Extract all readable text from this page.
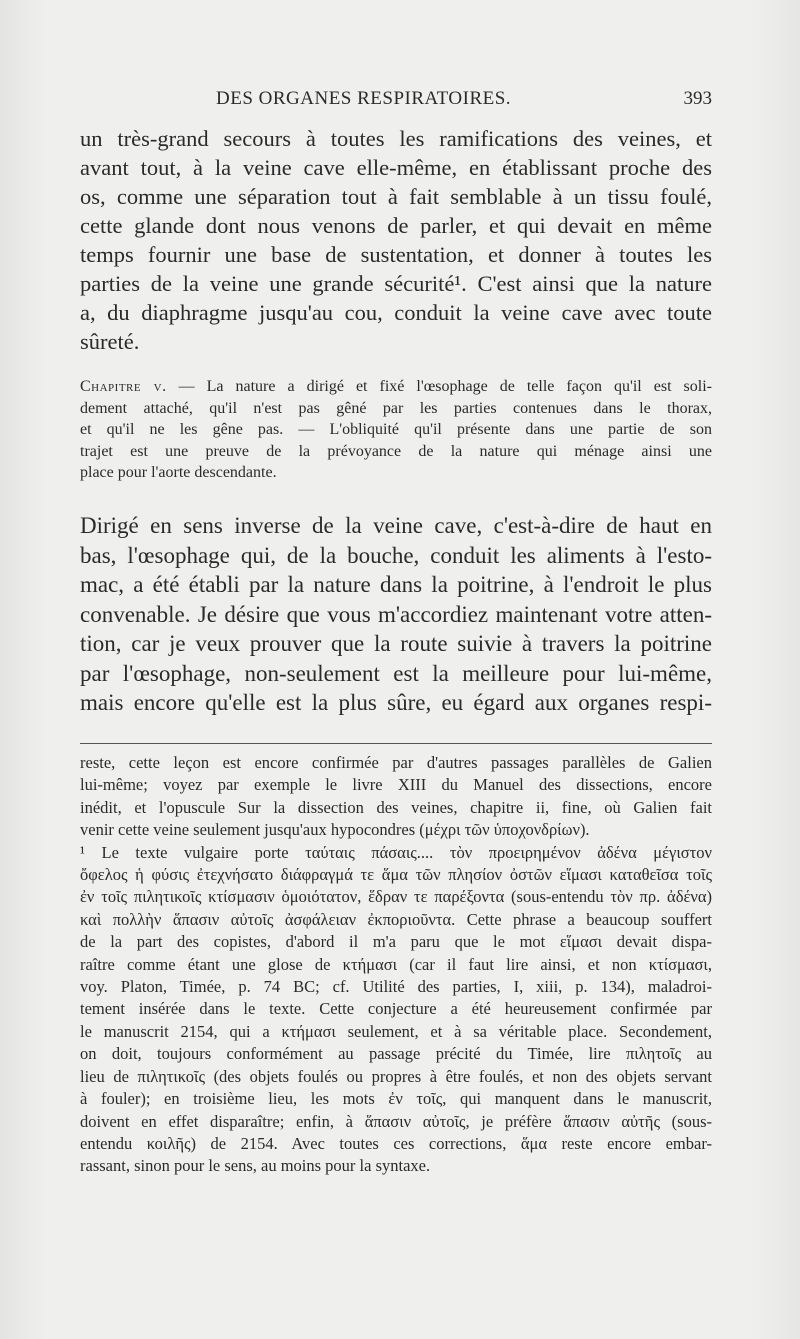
DES ORGANES RESPIRATOIRES.	393
un très-grand secours à toutes les ramifications des veines, et
avant tout, à la veine cave elle-même, en établissant proche des
os, comme une séparation tout à fait semblable à un tissu foulé,
cette glande dont nous venons de parler, et qui devait en même
temps fournir une base de sustentation, et donner à toutes les
parties de la veine une grande sécurité¹. C'est ainsi que la nature
a, du diaphragme jusqu'au cou, conduit la veine cave avec toute
sûreté.
Chapitre v. — La nature a dirigé et fixé l'œsophage de telle façon qu'il est soli-
dement attaché, qu'il n'est pas gêné par les parties contenues dans le thorax,
et qu'il ne les gêne pas. — L'obliquité qu'il présente dans une partie de son
trajet est une preuve de la prévoyance de la nature qui ménage ainsi une
place pour l'aorte descendante.
Dirigé en sens inverse de la veine cave, c'est-à-dire de haut en
bas, l'œsophage qui, de la bouche, conduit les aliments à l'esto-
mac, a été établi par la nature dans la poitrine, à l'endroit le plus
convenable. Je désire que vous m'accordiez maintenant votre atten-
tion, car je veux prouver que la route suivie à travers la poitrine
par l'œsophage, non-seulement est la meilleure pour lui-même,
mais encore qu'elle est la plus sûre, eu égard aux organes respi-
reste, cette leçon est encore confirmée par d'autres passages parallèles de Galien
lui-même; voyez par exemple le livre XIII du Manuel des dissections, encore
inédit, et l'opuscule Sur la dissection des veines, chapitre ii, fine, où Galien fait
venir cette veine seulement jusqu'aux hypocondres (μέχρι τῶν ὑποχονδρίων).
¹ Le texte vulgaire porte ταύταις πάσαις.... τὸν προειρημένον ἀδένα μέγιστον
ὄφελος ἡ φύσις ἐτεχνήσατο διάφραγμά τε ἅμα τῶν πλησίον ὀστῶν εἵμασι καταθεῖσα τοῖς
ἐν τοῖς πιλητικοῖς κτίσμασιν ὁμοιότατον, ἕδραν τε παρέξοντα (sous-entendu τὸν πρ. ἀδένα)
καὶ πολλὴν ἅπασιν αὐτοῖς ἀσφάλειαν ἐκποριοῦντα. Cette phrase a beaucoup souffert
de la part des copistes, d'abord il m'a paru que le mot εἵμασι devait dispa-
raître comme étant une glose de κτήμασι (car il faut lire ainsi, et non κτίσμασι,
voy. Platon, Timée, p. 74 BC; cf. Utilité des parties, I, xiii, p. 134), maladroi-
tement insérée dans le texte. Cette conjecture a été heureusement confirmée par
le manuscrit 2154, qui a κτήμασι seulement, et à sa véritable place. Secondement,
on doit, toujours conformément au passage précité du Timée, lire πιλητοῖς au
lieu de πιλητικοῖς (des objets foulés ou propres à être foulés, et non des objets servant
à fouler); en troisième lieu, les mots ἐν τοῖς, qui manquent dans le manuscrit,
doivent en effet disparaître; enfin, à ἅπασιν αὐτοῖς, je préfère ἅπασιν αὐτῆς (sous-
entendu κοιλῆς) de 2154. Avec toutes ces corrections, ἅμα reste encore embar-
rassant, sinon pour le sens, au moins pour la syntaxe.
